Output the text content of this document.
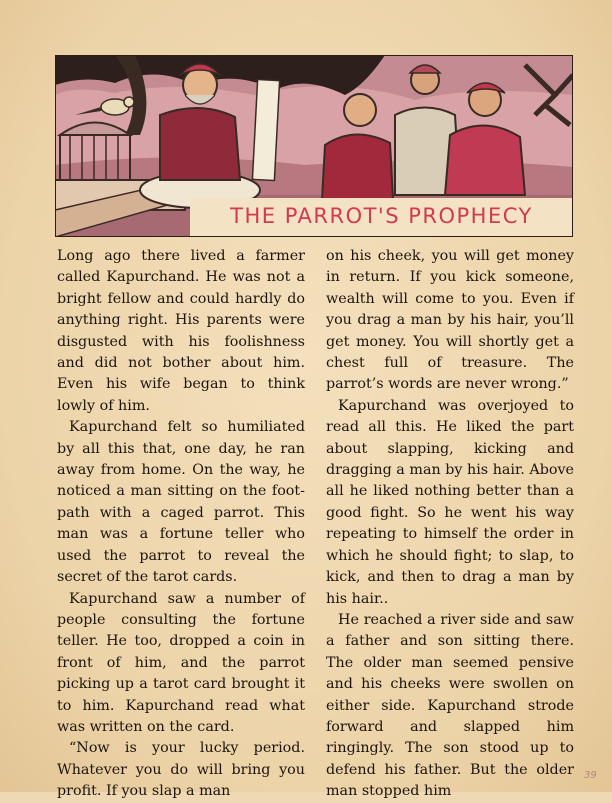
THE PARROT'S PROPHECY

Long ago there lived a farmer called Kapurchand. He was not a bright fellow and could hardly do anything right. His parents were disgusted with his foolishness and did not bother about him. Even his wife began to think lowly of him.

Kapurchand felt so humiliated by all this that, one day, he ran away from home. On the way, he noticed a man sitting on the foot-path with a caged parrot. This man was a fortune teller who used the parrot to reveal the secret of the tarot cards.

Kapurchand saw a number of people consulting the fortune teller. He too, dropped a coin in front of him, and the parrot picking up a tarot card brought it to him. Kapurchand read what was written on the card.

“Now is your lucky period. Whatever you do will bring you profit. If you slap a man

on his cheek, you will get money in return. If you kick someone, wealth will come to you. Even if you drag a man by his hair, you’ll get money. You will shortly get a chest full of treasure. The parrot’s words are never wrong.”

Kapurchand was overjoyed to read all this. He liked the part about slapping, kicking and dragging a man by his hair. Above all he liked nothing better than a good fight. So he went his way repeating to himself the order in which he should fight; to slap, to kick, and then to drag a man by his hair..

He reached a river side and saw a father and son sitting there. The older man seemed pensive and his cheeks were swollen on either side. Kapurchand strode forward and slapped him ringingly. The son stood up to defend his father. But the older man stopped him

39
